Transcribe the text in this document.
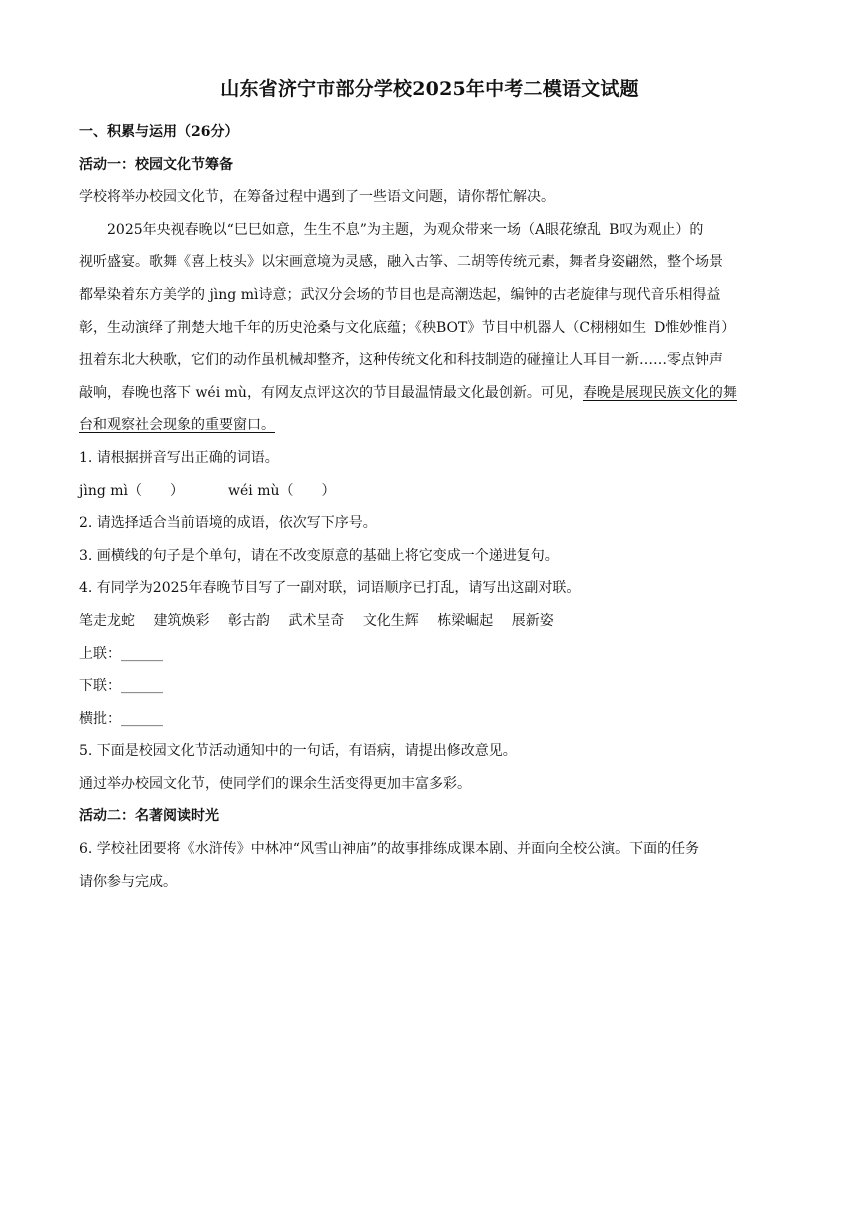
山东省济宁市部分学校2025年中考二模语文试题
一、积累与运用（26分）
活动一：校园文化节筹备
学校将举办校园文化节，在筹备过程中遇到了一些语文问题，请你帮忙解决。
2025年央视春晚以“巳巳如意，生生不息”为主题，为观众带来一场（A眼花缭乱 B叹为观止）的
视听盛宴。歌舞《喜上枝头》以宋画意境为灵感，融入古筝、二胡等传统元素，舞者身姿翩然，整个场景
都晕染着东方美学的 jìng mì诗意；武汉分会场的节目也是高潮迭起，编钟的古老旋律与现代音乐相得益
彰，生动演绎了荆楚大地千年的历史沧桑与文化底蕴；《秧BOT》节目中机器人（C栩栩如生 D惟妙惟肖）
扭着东北大秧歌，它们的动作虽机械却整齐，这种传统文化和科技制造的碰撞让人耳目一新……零点钟声
敲响，春晚也落下 wéi mù，有网友点评这次的节目最温情最文化最创新。可见，春晚是展现民族文化的舞
台和观察社会现象的重要窗口。
1. 请根据拼音写出正确的词语。
jìng mì（　　）	wéi mù（　　）
2. 请选择适合当前语境的成语，依次写下序号。
3. 画横线的句子是个单句，请在不改变原意的基础上将它变成一个递进复句。
4. 有同学为2025年春晚节目写了一副对联，词语顺序已打乱，请写出这副对联。
笔走龙蛇 建筑焕彩 彰古韵 武术呈奇 文化生辉 栋梁崛起 展新姿
上联：______
下联：______
横批：______
5. 下面是校园文化节活动通知中的一句话，有语病，请提出修改意见。
通过举办校园文化节，使同学们的课余生活变得更加丰富多彩。
活动二：名著阅读时光
6. 学校社团要将《水浒传》中林冲“风雪山神庙”的故事排练成课本剧、并面向全校公演。下面的任务
请你参与完成。
